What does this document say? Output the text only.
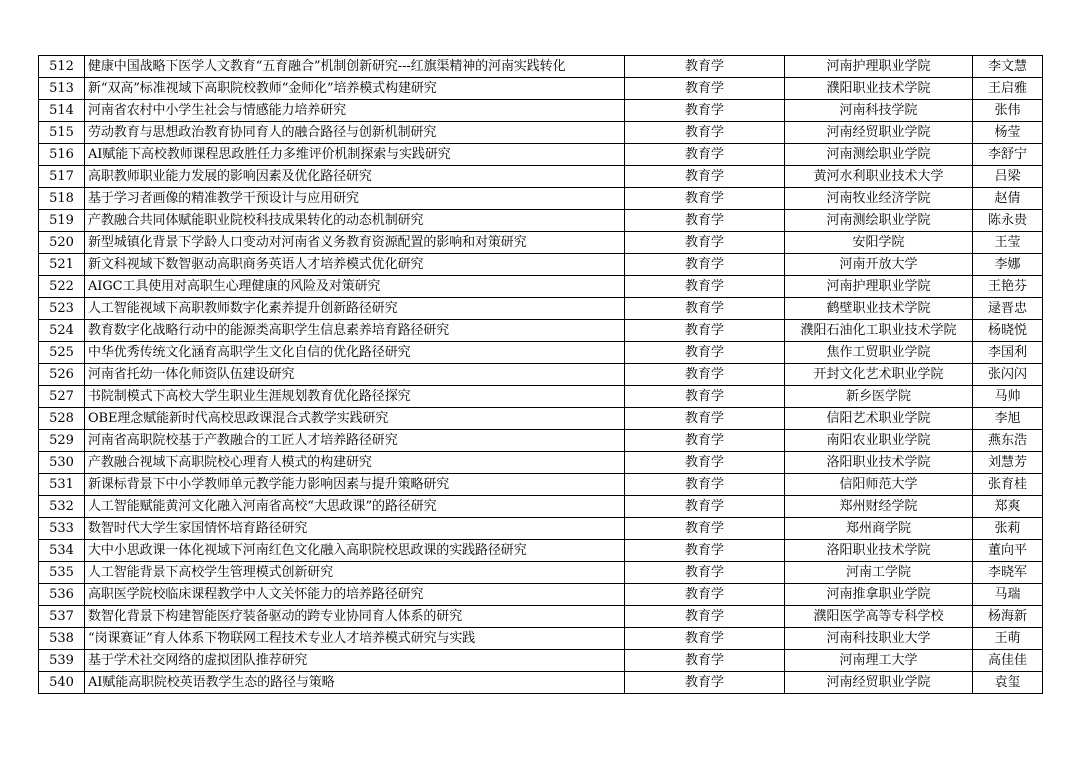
512	健康中国战略下医学人文教育“五育融合”机制创新研究---红旗渠精神的河南实践转化	教育学	河南护理职业学院	李文慧
513	新“双高”标准视域下高职院校教师“金师化”培养模式构建研究	教育学	濮阳职业技术学院	王启雅
514	河南省农村中小学生社会与情感能力培养研究	教育学	河南科技学院	张伟
515	劳动教育与思想政治教育协同育人的融合路径与创新机制研究	教育学	河南经贸职业学院	杨莹
516	AI赋能下高校教师课程思政胜任力多维评价机制探索与实践研究	教育学	河南测绘职业学院	李舒宁
517	高职教师职业能力发展的影响因素及优化路径研究	教育学	黄河水利职业技术大学	吕梁
518	基于学习者画像的精准教学干预设计与应用研究	教育学	河南牧业经济学院	赵倩
519	产教融合共同体赋能职业院校科技成果转化的动态机制研究	教育学	河南测绘职业学院	陈永贵
520	新型城镇化背景下学龄人口变动对河南省义务教育资源配置的影响和对策研究	教育学	安阳学院	王莹
521	新文科视域下数智驱动高职商务英语人才培养模式优化研究	教育学	河南开放大学	李娜
522	AIGC工具使用对高职生心理健康的风险及对策研究	教育学	河南护理职业学院	王艳芬
523	人工智能视域下高职教师数字化素养提升创新路径研究	教育学	鹤壁职业技术学院	逯晋忠
524	教育数字化战略行动中的能源类高职学生信息素养培育路径研究	教育学	濮阳石油化工职业技术学院	杨晓悦
525	中华优秀传统文化涵育高职学生文化自信的优化路径研究	教育学	焦作工贸职业学院	李国利
526	河南省托幼一体化师资队伍建设研究	教育学	开封文化艺术职业学院	张闪闪
527	书院制模式下高校大学生职业生涯规划教育优化路径探究	教育学	新乡医学院	马帅
528	OBE理念赋能新时代高校思政课混合式教学实践研究	教育学	信阳艺术职业学院	李旭
529	河南省高职院校基于产教融合的工匠人才培养路径研究	教育学	南阳农业职业学院	燕东浩
530	产教融合视域下高职院校心理育人模式的构建研究	教育学	洛阳职业技术学院	刘慧芳
531	新课标背景下中小学教师单元教学能力影响因素与提升策略研究	教育学	信阳师范大学	张育桂
532	人工智能赋能黄河文化融入河南省高校“大思政课”的路径研究	教育学	郑州财经学院	郑爽
533	数智时代大学生家国情怀培育路径研究	教育学	郑州商学院	张莉
534	大中小思政课一体化视域下河南红色文化融入高职院校思政课的实践路径研究	教育学	洛阳职业技术学院	董向平
535	人工智能背景下高校学生管理模式创新研究	教育学	河南工学院	李晓军
536	高职医学院校临床课程教学中人文关怀能力的培养路径研究	教育学	河南推拿职业学院	马瑞
537	数智化背景下构建智能医疗装备驱动的跨专业协同育人体系的研究	教育学	濮阳医学高等专科学校	杨海新
538	“岗课赛证”育人体系下物联网工程技术专业人才培养模式研究与实践	教育学	河南科技职业大学	王萌
539	基于学术社交网络的虚拟团队推荐研究	教育学	河南理工大学	高佳佳
540	AI赋能高职院校英语教学生态的路径与策略	教育学	河南经贸职业学院	袁玺
